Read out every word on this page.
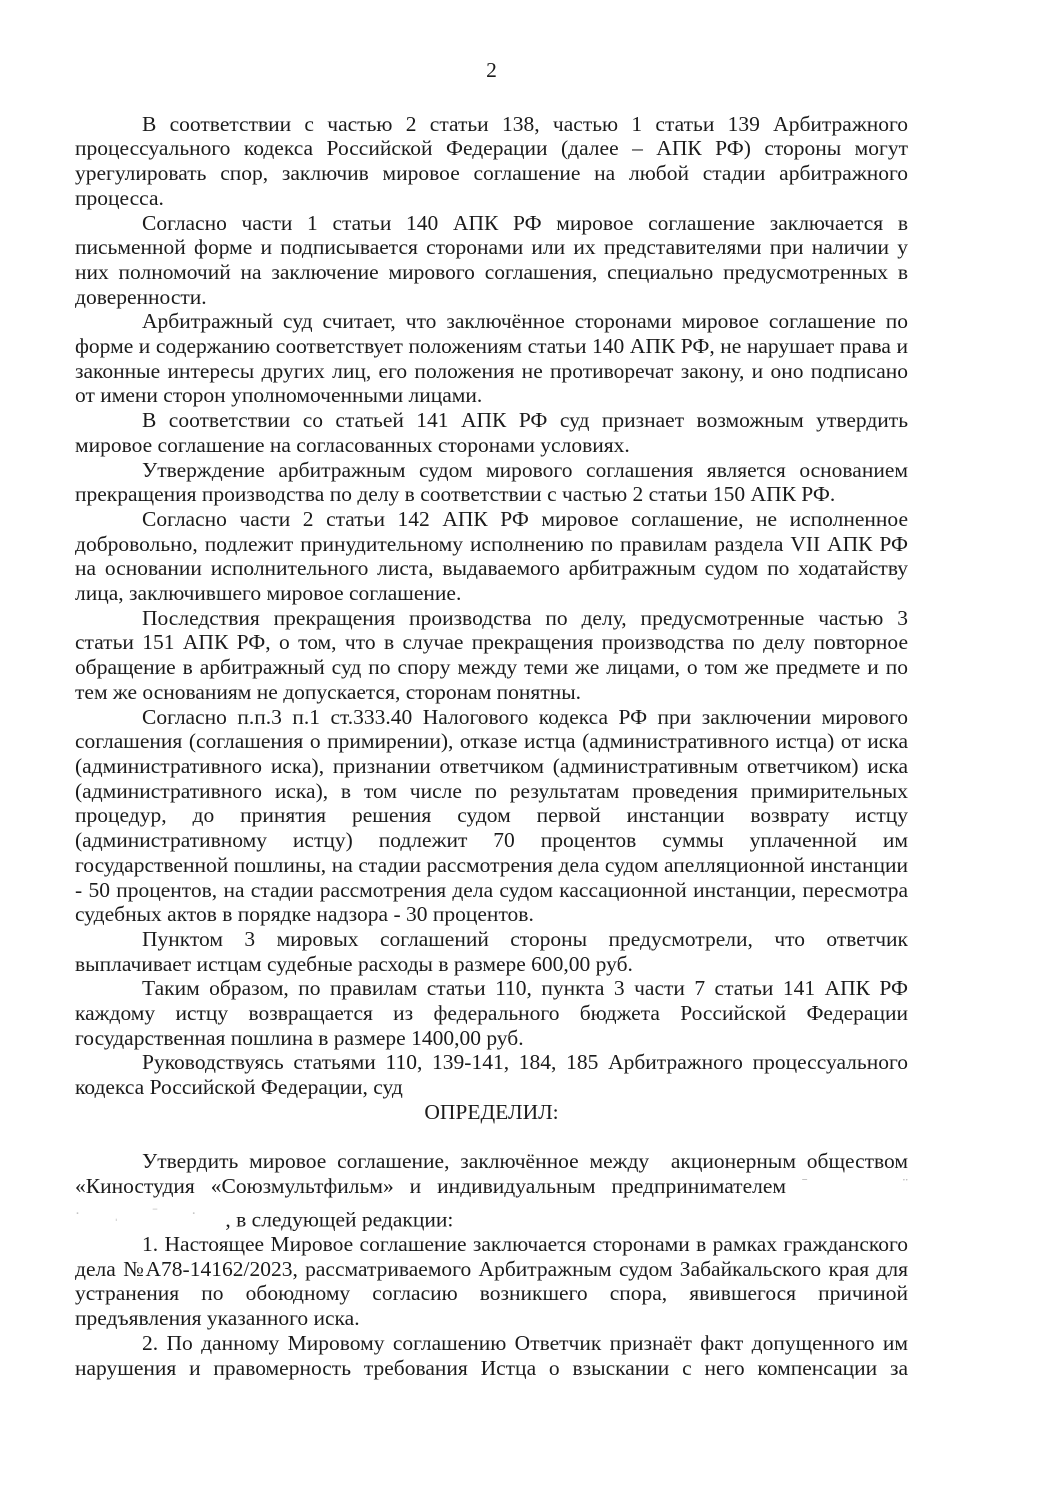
2

В соответствии с частью 2 статьи 138, частью 1 статьи 139 Арбитражного процессуального кодекса Российской Федерации (далее – АПК РФ) стороны могут урегулировать спор, заключив мировое соглашение на любой стадии арбитражного процесса.

Согласно части 1 статьи 140 АПК РФ мировое соглашение заключается в письменной форме и подписывается сторонами или их представителями при наличии у них полномочий на заключение мирового соглашения, специально предусмотренных в доверенности.

Арбитражный суд считает, что заключённое сторонами мировое соглашение по форме и содержанию соответствует положениям статьи 140 АПК РФ, не нарушает права и законные интересы других лиц, его положения не противоречат закону, и оно подписано от имени сторон уполномоченными лицами.

В соответствии со статьей 141 АПК РФ суд признает возможным утвердить мировое соглашение на согласованных сторонами условиях.

Утверждение арбитражным судом мирового соглашения является основанием прекращения производства по делу в соответствии с частью 2 статьи 150 АПК РФ.

Согласно части 2 статьи 142 АПК РФ мировое соглашение, не исполненное добровольно, подлежит принудительному исполнению по правилам раздела VII АПК РФ на основании исполнительного листа, выдаваемого арбитражным судом по ходатайству лица, заключившего мировое соглашение.

Последствия прекращения производства по делу, предусмотренные частью 3 статьи 151 АПК РФ, о том, что в случае прекращения производства по делу повторное обращение в арбитражный суд по спору между теми же лицами, о том же предмете и по тем же основаниям не допускается, сторонам понятны.

Согласно п.п.3 п.1 ст.333.40 Налогового кодекса РФ при заключении мирового соглашения (соглашения о примирении), отказе истца (административного истца) от иска (административного иска), признании ответчиком (административным ответчиком) иска (административного иска), в том числе по результатам проведения примирительных процедур, до принятия решения судом первой инстанции возврату истцу (административному истцу) подлежит 70 процентов суммы уплаченной им государственной пошлины, на стадии рассмотрения дела судом апелляционной инстанции - 50 процентов, на стадии рассмотрения дела судом кассационной инстанции, пересмотра судебных актов в порядке надзора - 30 процентов.

Пунктом 3 мировых соглашений стороны предусмотрели, что ответчик выплачивает истцам судебные расходы в размере 600,00 руб.

Таким образом, по правилам статьи 110, пункта 3 части 7 статьи 141 АПК РФ каждому истцу возвращается из федерального бюджета Российской Федерации государственная пошлина в размере 1400,00 руб.

Руководствуясь статьями 110, 139-141, 184, 185 Арбитражного процессуального кодекса Российской Федерации, суд

ОПРЕДЕЛИЛ:

Утвердить мировое соглашение, заключённое между  акционерным обществом
«Киностудия «Союзмультфильм» и индивидуальным предпринимателем ˉ	¨
· ˌ ˉ · , в следующей редакции:

1. Настоящее Мировое соглашение заключается сторонами в рамках гражданского дела №А78-14162/2023, рассматриваемого Арбитражным судом Забайкальского края для устранения по обоюдному согласию возникшего спора, явившегося причиной предъявления указанного иска.

2. По данному Мировому соглашению Ответчик признаёт факт допущенного им нарушения и правомерность требования Истца о взыскании с него компенсации за
